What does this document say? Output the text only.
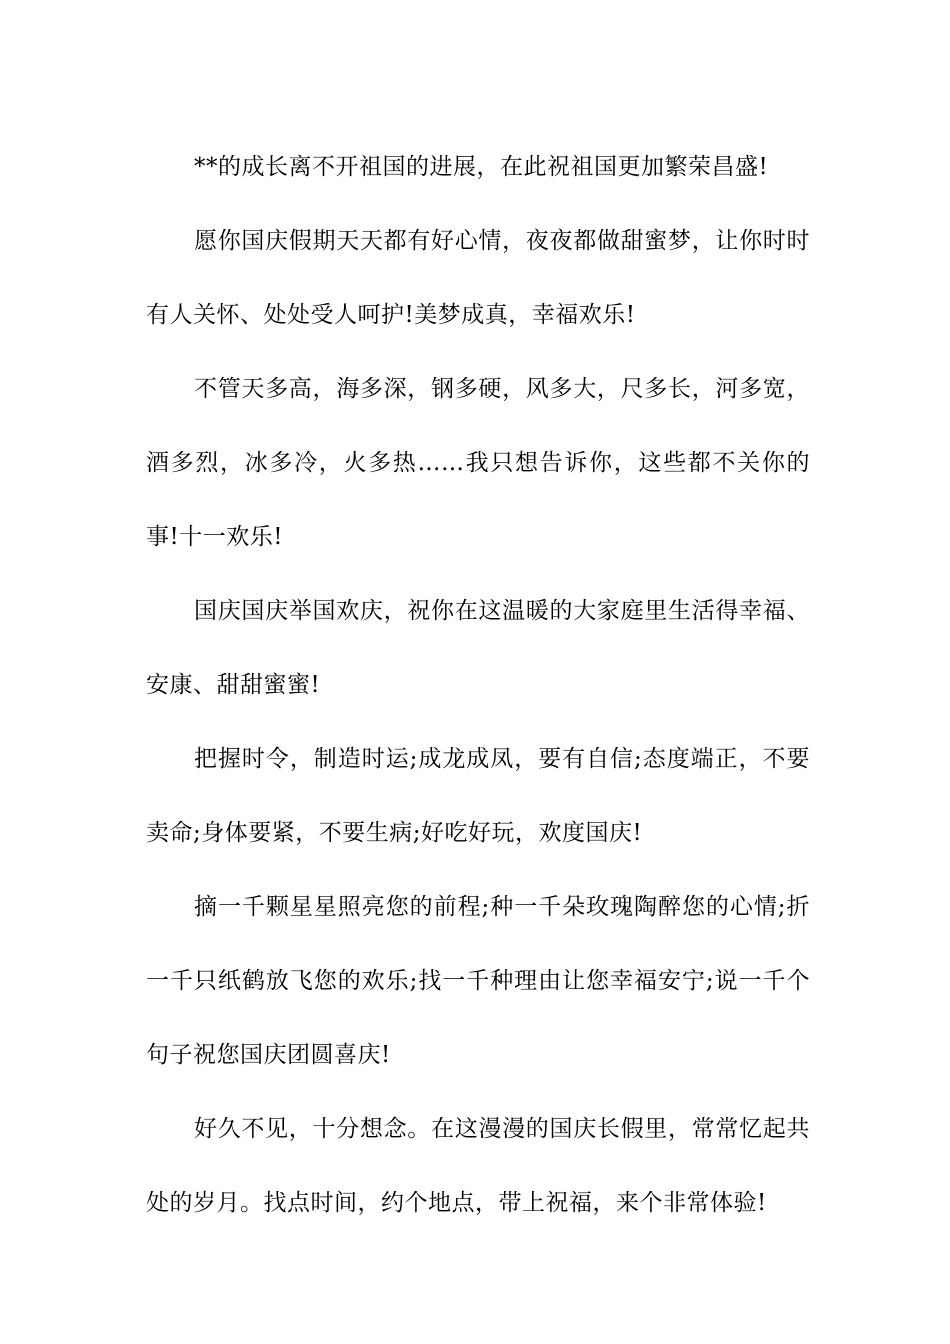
**的成长离不开祖国的进展，在此祝祖国更加繁荣昌盛!

愿你国庆假期天天都有好心情，夜夜都做甜蜜梦，让你时时有人关怀、处处受人呵护!美梦成真，幸福欢乐!

不管天多高，海多深，钢多硬，风多大，尺多长，河多宽，酒多烈，冰多冷，火多热……我只想告诉你，这些都不关你的事!十一欢乐!

国庆国庆举国欢庆，祝你在这温暖的大家庭里生活得幸福、安康、甜甜蜜蜜!

把握时令，制造时运;成龙成凤，要有自信;态度端正，不要卖命;身体要紧，不要生病;好吃好玩，欢度国庆!

摘一千颗星星照亮您的前程;种一千朵玫瑰陶醉您的心情;折一千只纸鹤放飞您的欢乐;找一千种理由让您幸福安宁;说一千个句子祝您国庆团圆喜庆!

好久不见，十分想念。在这漫漫的国庆长假里，常常忆起共处的岁月。找点时间，约个地点，带上祝福，来个非常体验!
